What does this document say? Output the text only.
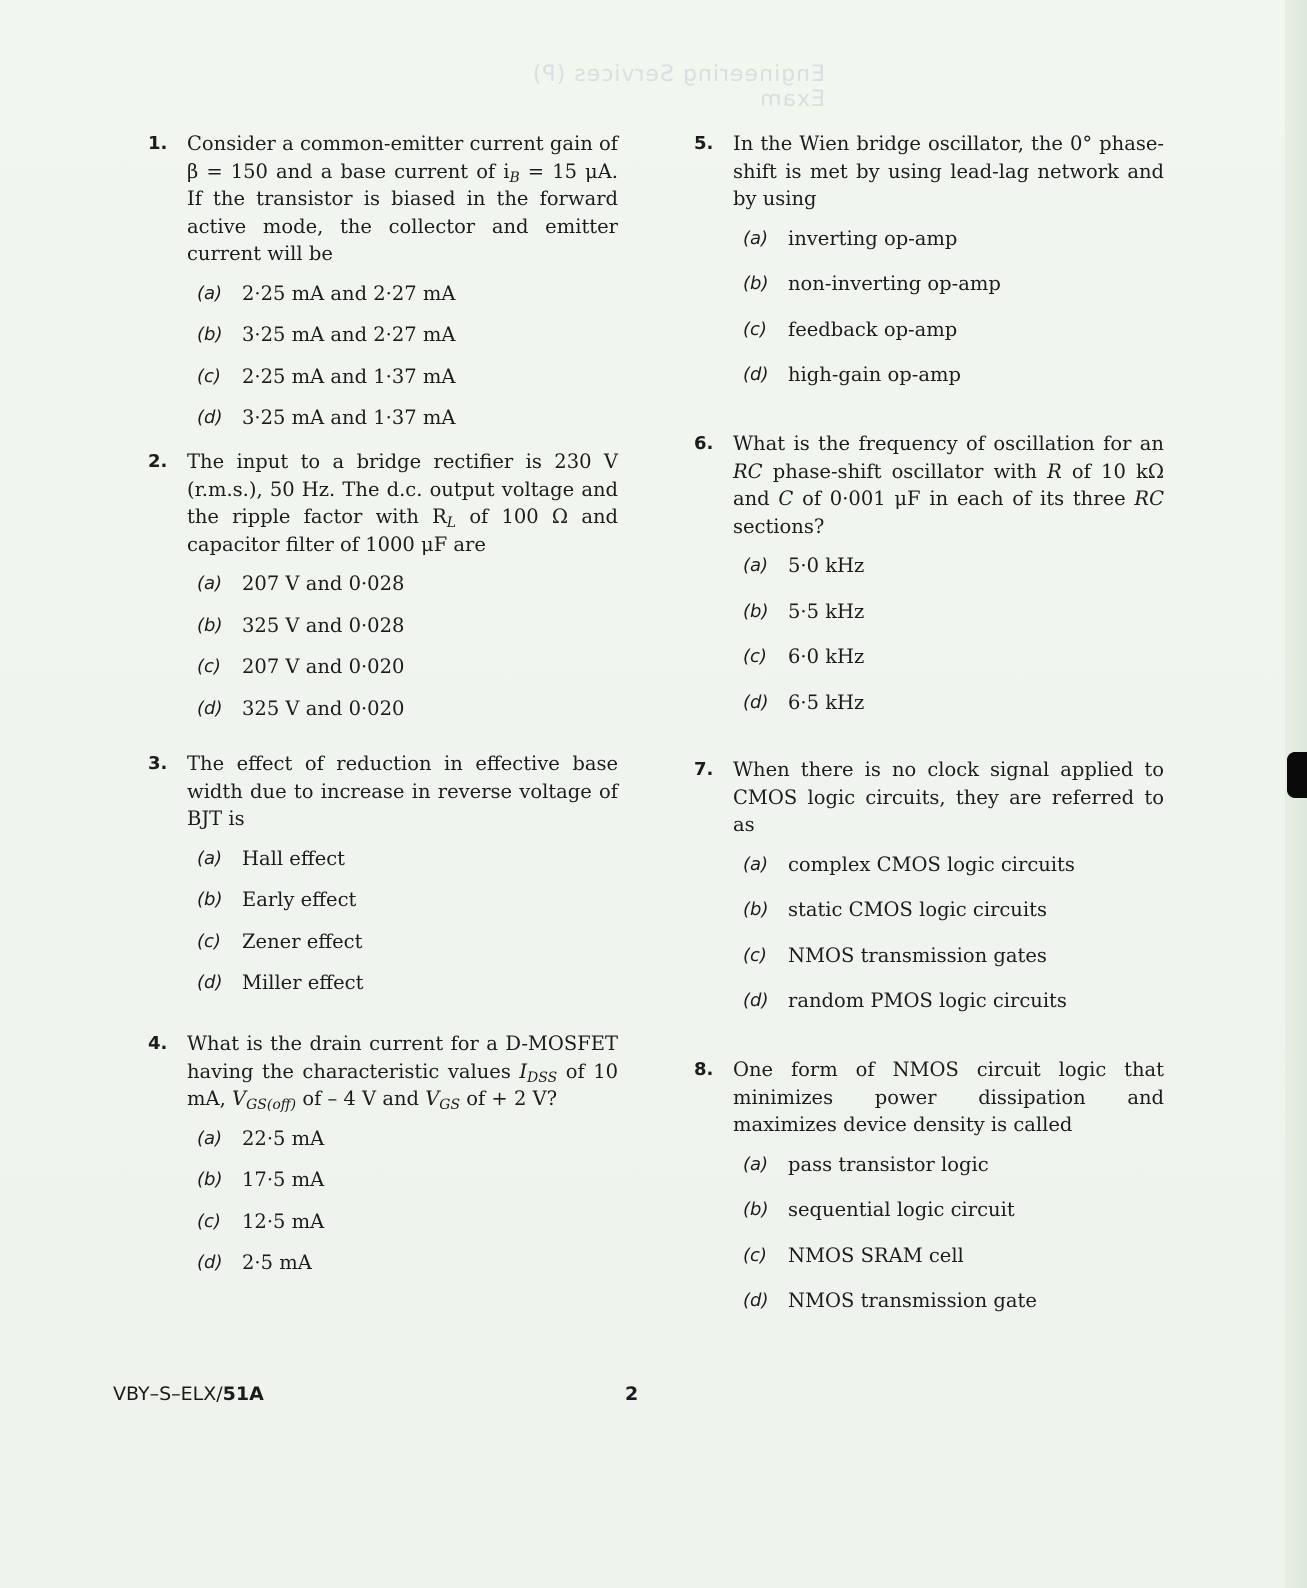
Engineering Services (P) Exam
1. Consider a common-emitter current gain of β = 150 and a base current of $i_B = 15$ μA. If the transistor is biased in the forward active mode, the collector and emitter current will be
(a)	2·25 mA and 2·27 mA
(b)	3·25 mA and 2·27 mA
(c)	2·25 mA and 1·37 mA
(d)	3·25 mA and 1·37 mA
2. The input to a bridge rectifier is 230 V (r.m.s.), 50 Hz. The d.c. output voltage and the ripple factor with $R_L$ of 100 Ω and capacitor filter of 1000 μF are
(a)	207 V and 0·028
(b)	325 V and 0·028
(c)	207 V and 0·020
(d)	325 V and 0·020
3. The effect of reduction in effective base width due to increase in reverse voltage of BJT is
(a)	Hall effect
(b)	Early effect
(c)	Zener effect
(d)	Miller effect
4. What is the drain current for a D-MOSFET having the characteristic values $I_{DSS}$ of 10 mA, $V_{GS(off)}$ of – 4 V and $V_{GS}$ of + 2 V?
(a)	22·5 mA
(b)	17·5 mA
(c)	12·5 mA
(d)	2·5 mA
5. In the Wien bridge oscillator, the 0° phase-shift is met by using lead-lag network and by using
(a)	inverting op-amp
(b)	non-inverting op-amp
(c)	feedback op-amp
(d)	high-gain op-amp
6. What is the frequency of oscillation for an RC phase-shift oscillator with R of 10 kΩ and C of 0·001 μF in each of its three RC sections?
(a)	5·0 kHz
(b)	5·5 kHz
(c)	6·0 kHz
(d)	6·5 kHz
7. When there is no clock signal applied to CMOS logic circuits, they are referred to as
(a)	complex CMOS logic circuits
(b)	static CMOS logic circuits
(c)	NMOS transmission gates
(d)	random PMOS logic circuits
8. One form of NMOS circuit logic that minimizes power dissipation and maximizes device density is called
(a)	pass transistor logic
(b)	sequential logic circuit
(c)	NMOS SRAM cell
(d)	NMOS transmission gate
VBY–S–ELX/51A	2
